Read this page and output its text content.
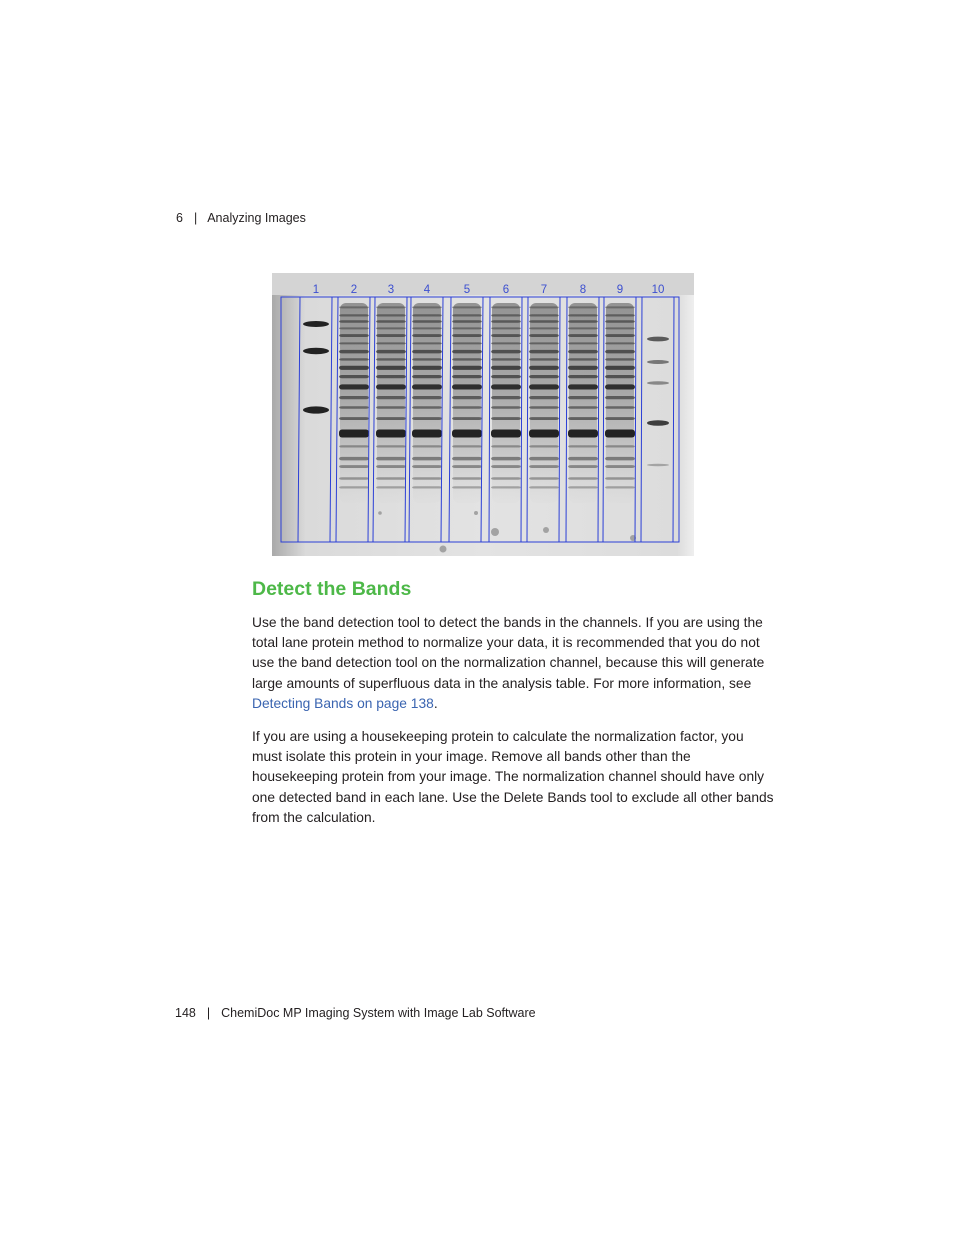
6 | Analyzing Images
1	2	3	4	5	6	7	8	9 10
Detect the Bands

Use the band detection tool to detect the bands in the channels. If you are using the total lane protein method to normalize your data, it is recommended that you do not use the band detection tool on the normalization channel, because this will generate large amounts of superfluous data in the analysis table. For more information, see Detecting Bands on page 138.

If you are using a housekeeping protein to calculate the normalization factor, you must isolate this protein in your image. Remove all bands other than the housekeeping protein from your image. The normalization channel should have only one detected band in each lane. Use the Delete Bands tool to exclude all other bands from the calculation.

148 | ChemiDoc MP Imaging System with Image Lab Software
